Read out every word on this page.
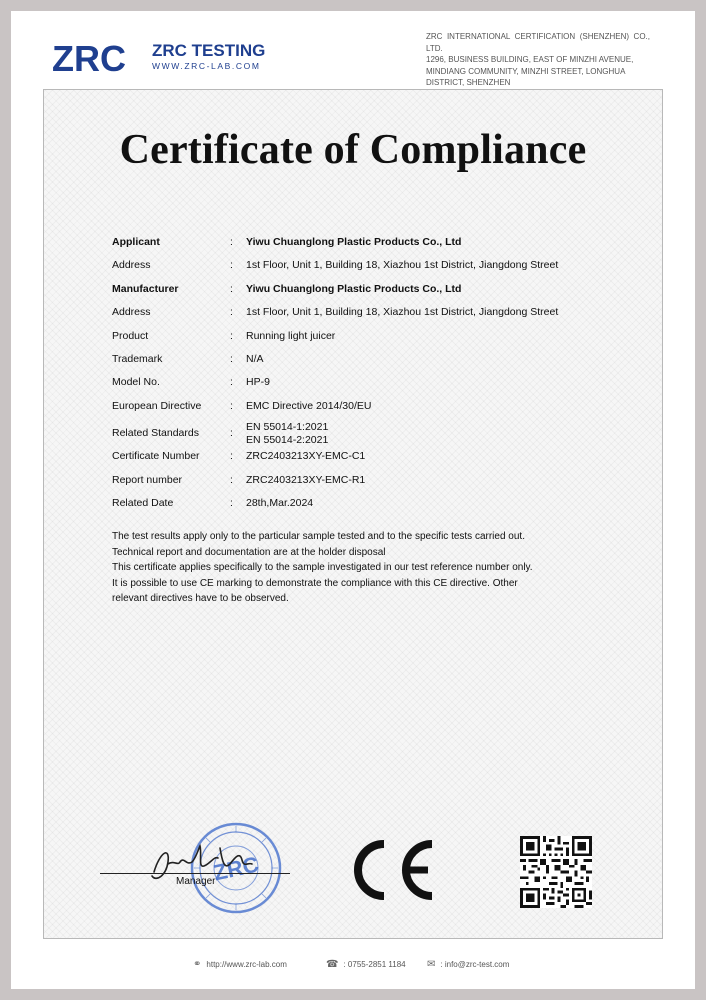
ZRC ZRC TESTING
WWW.ZRC-LAB.COM
ZRC INTERNATIONAL CERTIFICATION (SHENZHEN) CO., LTD.
1296, BUSINESS BUILDING, EAST OF MINZHI AVENUE,
MINDIANG COMMUNITY, MINZHI STREET, LONGHUA
DISTRICT, SHENZHEN
Certificate of Compliance
Applicant	: Yiwu Chuanglong Plastic Products Co., Ltd
Address	: 1st Floor, Unit 1, Building 18, Xiazhou 1st District, Jiangdong Street
Manufacturer	: Yiwu Chuanglong Plastic Products Co., Ltd
Address	: 1st Floor, Unit 1, Building 18, Xiazhou 1st District, Jiangdong Street
Product	: Running light juicer
Trademark	: N/A
Model No.	: HP-9
European Directive	: EMC Directive 2014/30/EU
Related Standards	: EN 55014-1:2021
EN 55014-2:2021
Certificate Number	: ZRC2403213XY-EMC-C1
Report number	: ZRC2403213XY-EMC-R1
Related Date	: 28th,Mar.2024
The test results apply only to the particular sample tested and to the specific tests carried out.
Technical report and documentation are at the holder disposal
This certificate applies specifically to the sample investigated in our test reference number only.
It is possible to use CE marking to demonstrate the compliance with this CE directive. Other
relevant directives have to be observed.
ZRC
Manager
⚭ http://www.zrc-lab.com	☎ : 0755-2851 1184 ✉ : info@zrc-test.com
